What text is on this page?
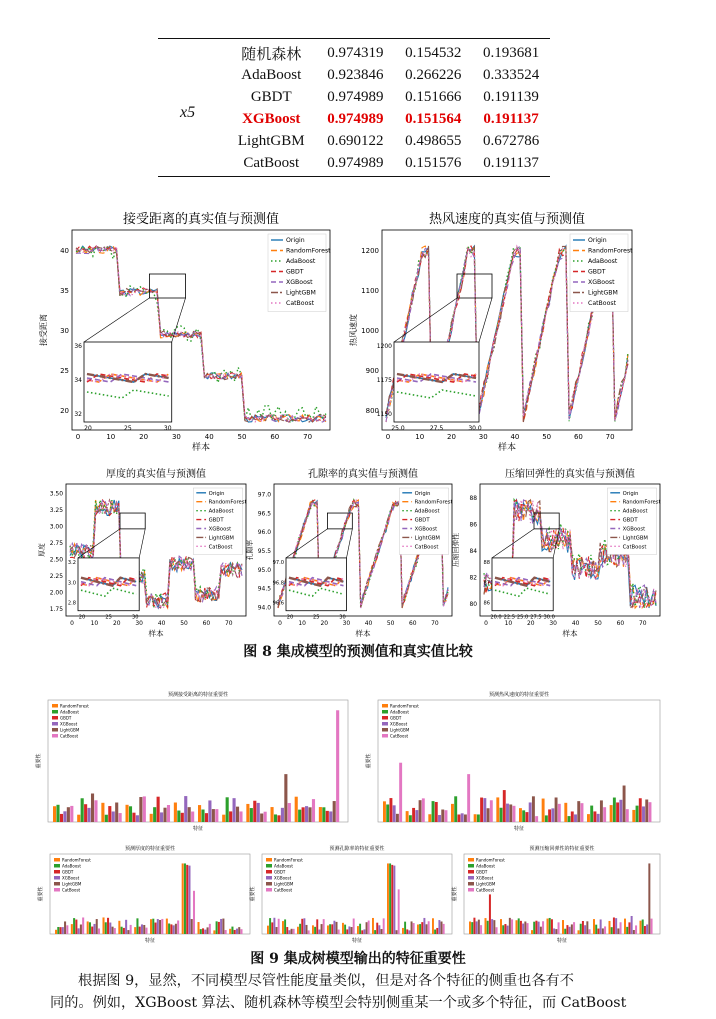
x5
	随机森林	0.974319	0.154532	0.193681
	AdaBoost	0.923846	0.266226	0.333524
	GBDT	0.974989	0.151666	0.191139
	XGBoost	0.974989	0.151564	0.191137
	LightGBM	0.690122	0.498655	0.672786
	CatBoost	0.974989	0.151576	0.191137
接受距离的真实值与预测值
20
25
30
35
40
0	10	20	30	40	50	60	70
样本
接受距离
Origin
RandomForest
AdaBoost
GBDT
XGBoost
LightGBM
CatBoost
32
34
36
20	25	30
热风速度的真实值与预测值
800
900
1000
1100
1200
0	10	20	30	40	50	60	70
样本
热风速度
Origin
RandomForest
AdaBoost
GBDT
XGBoost
LightGBM
CatBoost
1150
1175
1200
25.0	27.5	30.0
厚度的真实值与预测值
1.75
2.00
2.25
2.50
2.75
3.00
3.25
3.50
0	10 20 30 40 50 60 70
样本
厚度
Origin
RandomForest
AdaBoost
GBDT
XGBoost
LightGBM
CatBoost
2.8
3.0
3.2
20	25	30
孔隙率的真实值与预测值
94.0
94.5
95.0
95.5
96.0
96.5
97.0
0	10 20 30 40 50 60 70
样本
孔隙率
Origin
RandomForest
AdaBoost
GBDT
XGBoost
LightGBM
CatBoost
96.6
96.8
97.0
20	25	30
压缩回弹性的真实值与预测值
80
82
84
86
88
0	10 20 30 40 50 60 70
样本
压缩回弹性
Origin
RandomForest
AdaBoost
GBDT
XGBoost
LightGBM
CatBoost
86
87
88
20.0 22.5 25.0 27.5 30.0
图 8 集成模型的预测值和真实值比较
预测接受距离的特征重要性
特征
重要性
RandomForest
AdaBoost
GBDT
XGBoost
LightGBM
CatBoost
预测热风速度的特征重要性
特征
重要性
RandomForest
AdaBoost
GBDT
XGBoost
LightGBM
CatBoost
预测厚度的特征重要性
特征
重要性
RandomForest
AdaBoost
GBDT
XGBoost
LightGBM
CatBoost
预测孔隙率的特征重要性
特征
重要性
RandomForest
AdaBoost
GBDT
XGBoost
LightGBM
CatBoost
预测压缩回弹性的特征重要性
特征
重要性
RandomForest
AdaBoost
GBDT
XGBoost
LightGBM
CatBoost
图 9 集成树模型输出的特征重要性
根据图 9，显然，不同模型尽管性能度量类似，但是对各个特征的侧重也各有不
同的。例如，XGBoost 算法、随机森林等模型会特别侧重某一个或多个特征，而 CatBoost
